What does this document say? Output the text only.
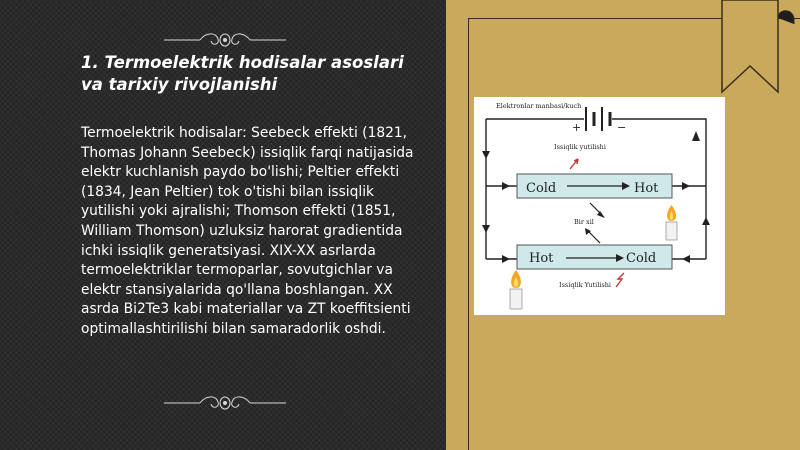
1. Termoelektrik hodisalar asoslari va tarixiy rivojlanishi

Termoelektrik hodisalar: Seebeck effekti (1821, Thomas Johann Seebeck) issiqlik farqi natijasida elektr kuchlanish paydo bo'lishi; Peltier effekti (1834, Jean Peltier) tok o'tishi bilan issiqlik yutilishi yoki ajralishi; Thomson effekti (1851, William Thomson) uzluksiz harorat gradientida ichki issiqlik generatsiyasi. XIX-XX asrlarda termoelektriklar termoparlar, sovutgichlar va elektr stansiyalarida qo'llana boshlangan. XX asrda Bi2Te3 kabi materiallar va ZT koeffitsienti optimallashtirilishi bilan samaradorlik oshdi.

Elektronlar manbasi/kuch
+	−
Issiqlik yutilishi
Cold	Hot
Bir xil
Hot	Cold
Issiqlik Yutilishi
